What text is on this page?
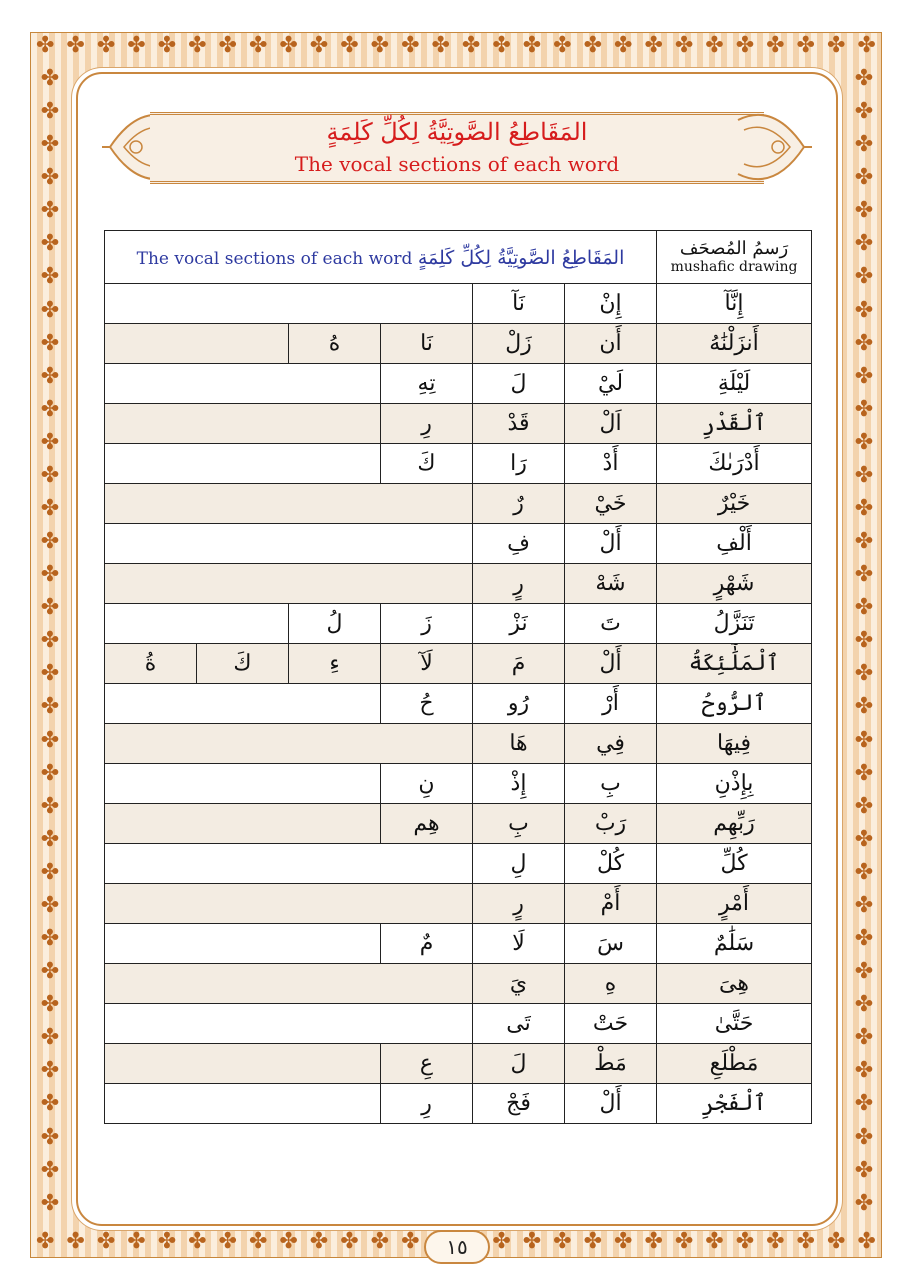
✤ ✤ ✤ ✤ ✤ ✤ ✤ ✤ ✤ ✤ ✤ ✤ ✤ ✤ ✤ ✤ ✤ ✤ ✤ ✤ ✤ ✤ ✤ ✤ ✤ ✤ ✤ ✤
✤ ✤ ✤ ✤ ✤ ✤ ✤ ✤ ✤ ✤ ✤ ✤ ✤	✤ ✤ ✤ ✤ ✤ ✤ ✤ ✤ ✤ ✤ ✤ ✤ ✤
✤
✤
✤
✤
✤
✤
✤
✤
✤
✤
✤
✤
✤
✤
✤
✤
✤
✤
✤
✤
✤
✤
✤
✤
✤
✤
✤
✤
✤
✤
✤
✤
✤
✤
✤
✤
✤
✤
✤
✤
✤
✤
✤
✤
✤
✤
✤
✤
✤
✤
✤
✤
✤
✤
✤
✤
✤
✤
✤
✤
✤
✤
✤
✤
✤
✤
✤
✤
✤
✤
المَقَاطِعُ الصَّوتِيَّةُ لِكُلِّ كَلِمَةٍ
The vocal sections of each word
The vocal sections of each word المَقَاطِعُ الصَّوتِيَّةُ لِكُلِّ كَلِمَةٍ						رَسمُ المُصحَف
mushafic drawing

				نَآ	إِنْ	إِنَّآ
		هُ	نَا	زَلْ	أَن	أَنزَلْنَٰهُ
			تِهِ	لَ	لَيْ	لَيْلَةِ
			رِ	قَدْ	اَلْ	ٱلْقَدْرِ
			كَ	رَا	أَدْ	أَدْرَىٰكَ
				رٌ	خَيْ	خَيْرٌ
				فِ	أَلْ	أَلْفِ
				رٍ	شَهْ	شَهْرٍ
		لُ	زَ	نَزْ	تَ	تَنَزَّلُ
ةُ	كَ	ءِ	لَآ	مَ	أَلْ	ٱلْمَلَٰٓئِكَةُ
			حُ	رُو	أَرْ	ٱلرُّوحُ
				هَا	فِي	فِيهَا
			نِ	إِذْ	بِ	بِإِذْنِ
			هِم	بِ	رَبْ	رَبِّهِم
				لِ	كُلْ	كُلِّ
				رٍ	أَمْ	أَمْرٍ
			مٌ	لَا	سَ	سَلَٰمٌ
				يَ	هِ	هِىَ
				تَى	حَتْ	حَتَّىٰ
			عِ	لَ	مَطْ	مَطْلَعِ
			رِ	فَجْ	أَلْ	ٱلْفَجْرِ
١٥
